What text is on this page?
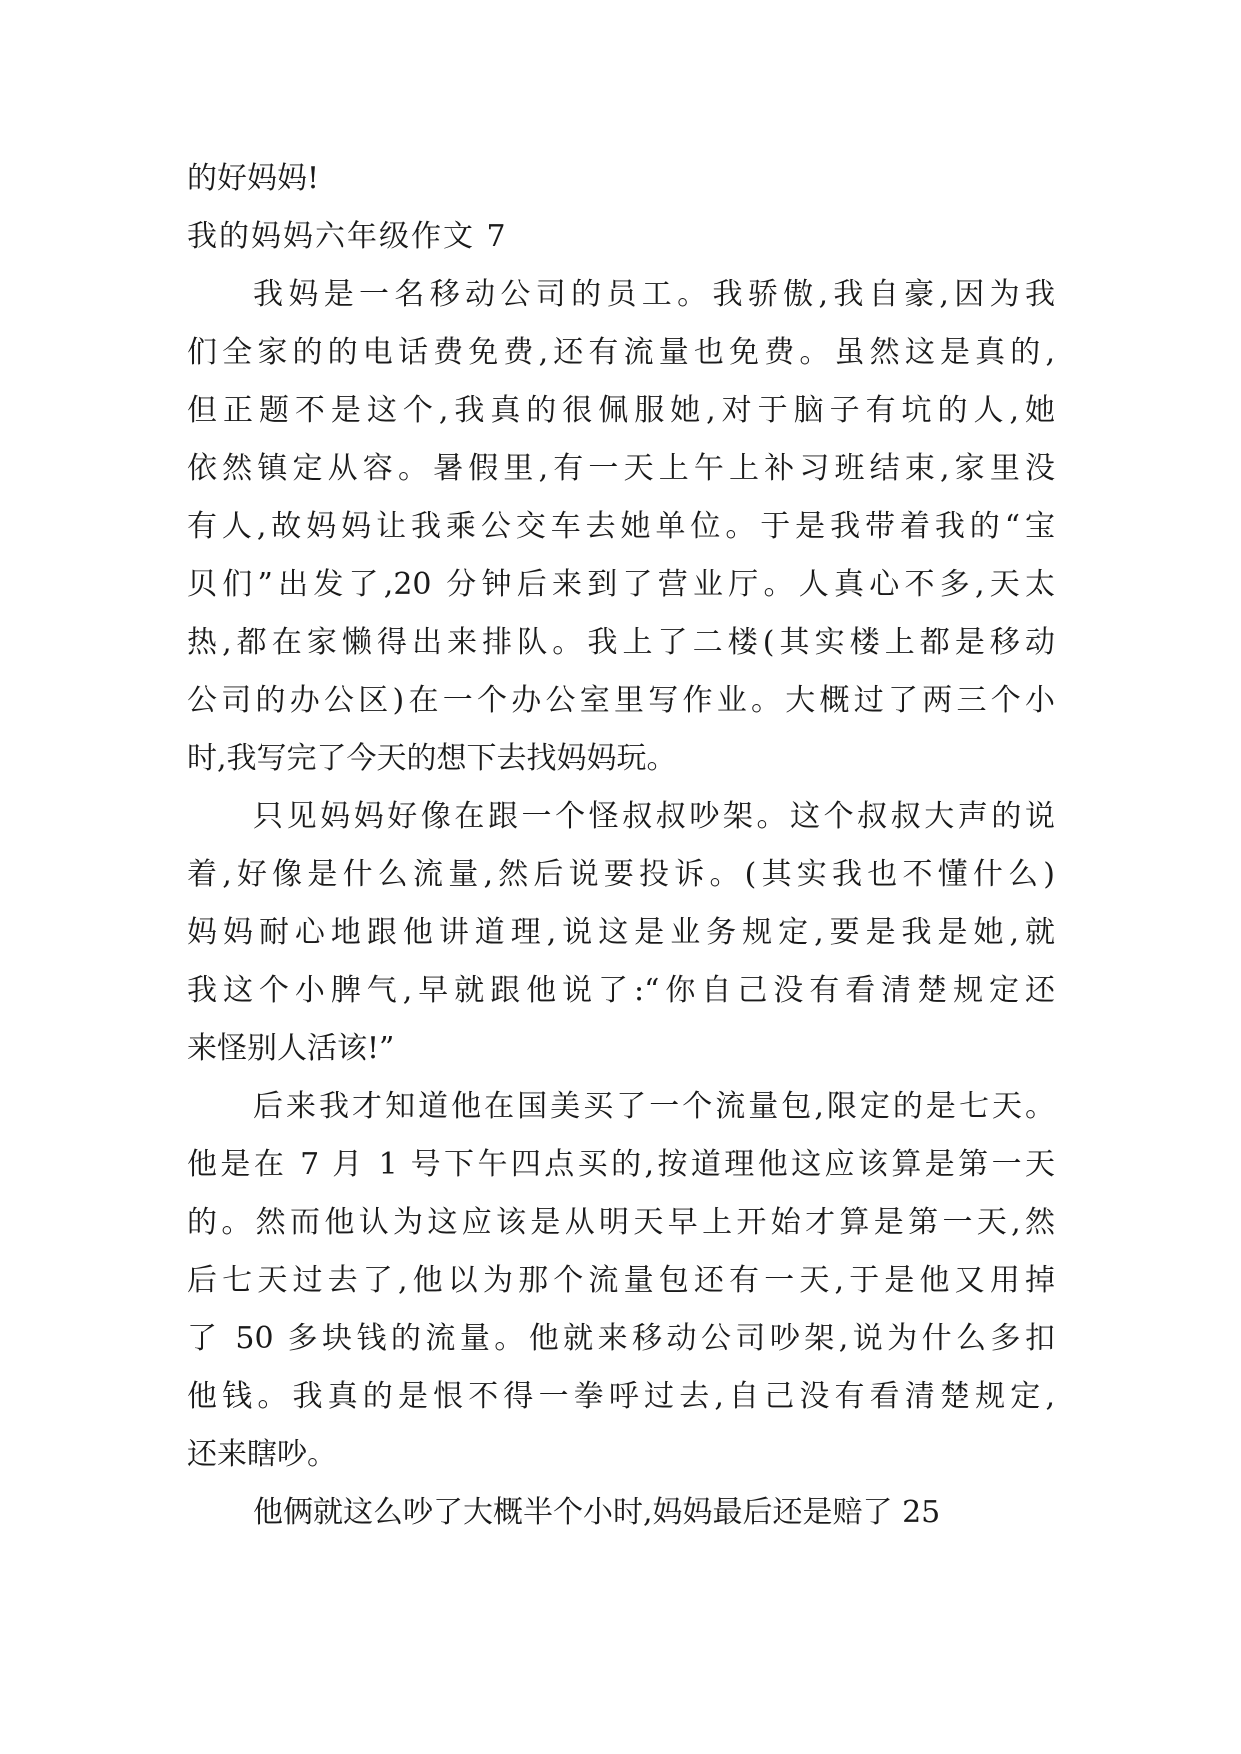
的好妈妈!
我的妈妈六年级作文 7
我妈是一名移动公司的员工。我骄傲,我自豪,因为我
们全家的的电话费免费,还有流量也免费。虽然这是真的,
但正题不是这个,我真的很佩服她,对于脑子有坑的人,她
依然镇定从容。暑假里,有一天上午上补习班结束,家里没
有人,故妈妈让我乘公交车去她单位。于是我带着我的“宝
贝们”出发了,20 分钟后来到了营业厅。人真心不多,天太
热,都在家懒得出来排队。我上了二楼(其实楼上都是移动
公司的办公区)在一个办公室里写作业。大概过了两三个小
时,我写完了今天的想下去找妈妈玩。
只见妈妈好像在跟一个怪叔叔吵架。这个叔叔大声的说
着,好像是什么流量,然后说要投诉。(其实我也不懂什么)
妈妈耐心地跟他讲道理,说这是业务规定,要是我是她,就
我这个小脾气,早就跟他说了:“你自己没有看清楚规定还
来怪别人活该!”
后来我才知道他在国美买了一个流量包,限定的是七天。
他是在 7 月 1 号下午四点买的,按道理他这应该算是第一天
的。然而他认为这应该是从明天早上开始才算是第一天,然
后七天过去了,他以为那个流量包还有一天,于是他又用掉
了 50 多块钱的流量。他就来移动公司吵架,说为什么多扣
他钱。我真的是恨不得一拳呼过去,自己没有看清楚规定,
还来瞎吵。
他俩就这么吵了大概半个小时,妈妈最后还是赔了 25
